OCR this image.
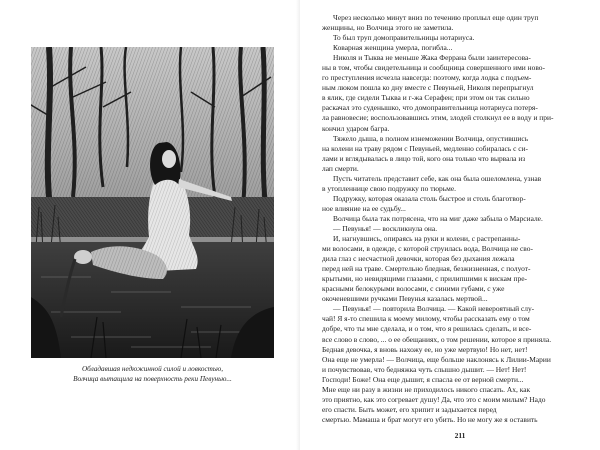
Обладавшая недюжинной силой и ловкостью,
Волчица вытащила на поверхность реки Певунью...
Через несколько минут вниз по течению проплыл еще один труп
женщины, но Волчица этого не заметила.
То был труп домоправительницы нотариуса.
Коварная женщина умерла, погибла...
Николя и Тыква не меньше Жака Феррана были заинтересова-
ны в том, чтобы свидетельница и сообщница совершенного ими ново-
го преступления исчезла навсегда: поэтому, когда лодка с подъем-
ным люком пошла ко дну вместе с Певуньей, Николя перепрыгнул
в ялик, где сидели Тыква и г-жа Серафен; при этом он так сильно
раскачал это суденышко, что домоправительница нотариуса потеря-
ла равновесие; воспользовавшись этим, злодей столкнул ее в воду и при-
кончил ударом багра.
Тяжело дыша, в полном изнеможении Волчица, опустившись
на колени на траву рядом с Певуньей, медленно собиралась с си-
лами и вглядывалась в лицо той, кого она только что вырвала из
лап смерти.
Пусть читатель представит себе, как она была ошеломлена, узнав
в утопленнице свою подружку по тюрьме.
Подружку, которая оказала столь быстрое и столь благотвор-
ное влияние на ее судьбу...
Волчица была так потрясена, что на миг даже забыла о Марсиале.
— Певунья! — воскликнула она.
И, нагнувшись, опираясь на руки и колени, с растрепанны-
ми волосами, в одежде, с которой струилась вода, Волчица не сво-
дила глаз с несчастной девочки, которая без дыхания лежала
перед ней на траве. Смертельно бледная, безжизненная, с полуот-
крытыми, но невидящими глазами, с прилипшими к вискам пре-
красными белокурыми волосами, с синими губами, с уже
окоченевшими ручками Певунья казалась мертвой...
— Певунья! — повторила Волчица. — Какой невероятный слу-
чай! Я я-то спешила к моему милому, чтобы рассказать ему о том
добре, что ты мне сделала, и о том, что я решилась сделать, и все-
все слово в слово, ... о ее обещаниях, о том решении, которое я приняла.
Бедная девочка, я вновь нахожу ее, но уже мертвую! Но нет, нет!
Она еще не умерла! — Волчица, еще больше наклонясь к Лилии-Марии
и почувствовав, что бедняжка чуть слышно дышит. — Нет! Нет!
Господи! Боже! Она еще дышит, я спасла ее от верной смерти...
Мне еще ни разу в жизни не приходилось никого спасать. Ах, как
это приятно, как это согревает душу! Да, что это с моим милым? Надо
его спасти. Быть может, его хрипит и задыхается перед
смертью. Мамаша и брат могут его убить. Но не могу же я оставить
211
